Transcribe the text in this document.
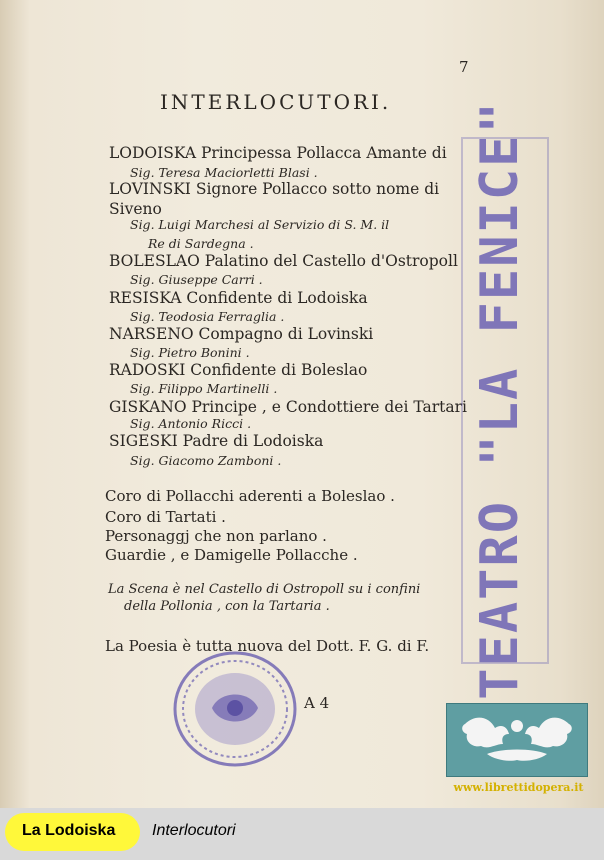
7
INTERLOCUTORI.
LODOISKA Principessa Pollacca Amante di
Sig. Teresa Maciorletti Blasi .
LOVINSKI Signore Pollacco sotto nome di
Siveno
Sig. Luigi Marchesi al Servizio di S. M. il
Re di Sardegna .
BOLESLAO Palatino del Castello d'Ostropoll
Sig. Giuseppe Carri .
RESISKA Confidente di Lodoiska
Sig. Teodosia Ferraglia .
NARSENO Compagno di Lovinski
Sig. Pietro Bonini .
RADOSKI Confidente di Boleslao
Sig. Filippo Martinelli .
GISKANO Principe , e Condottiere dei Tartari
Sig. Antonio Ricci .
SIGESKI Padre di Lodoiska
Sig. Giacomo Zamboni .
Coro di Pollacchi aderenti a Boleslao .
Coro di Tartati .
Personaggj che non parlano .
Guardie , e Damigelle Pollacche .
La Scena è nel Castello di Ostropoll su i confini
della Pollonia , con la Tartaria .
La Poesia è tutta nuova del Dott. F. G. di F.
A 4
TEATRO "LA FENICE"
www.librettidopera.it
La Lodoiska Interlocutori
